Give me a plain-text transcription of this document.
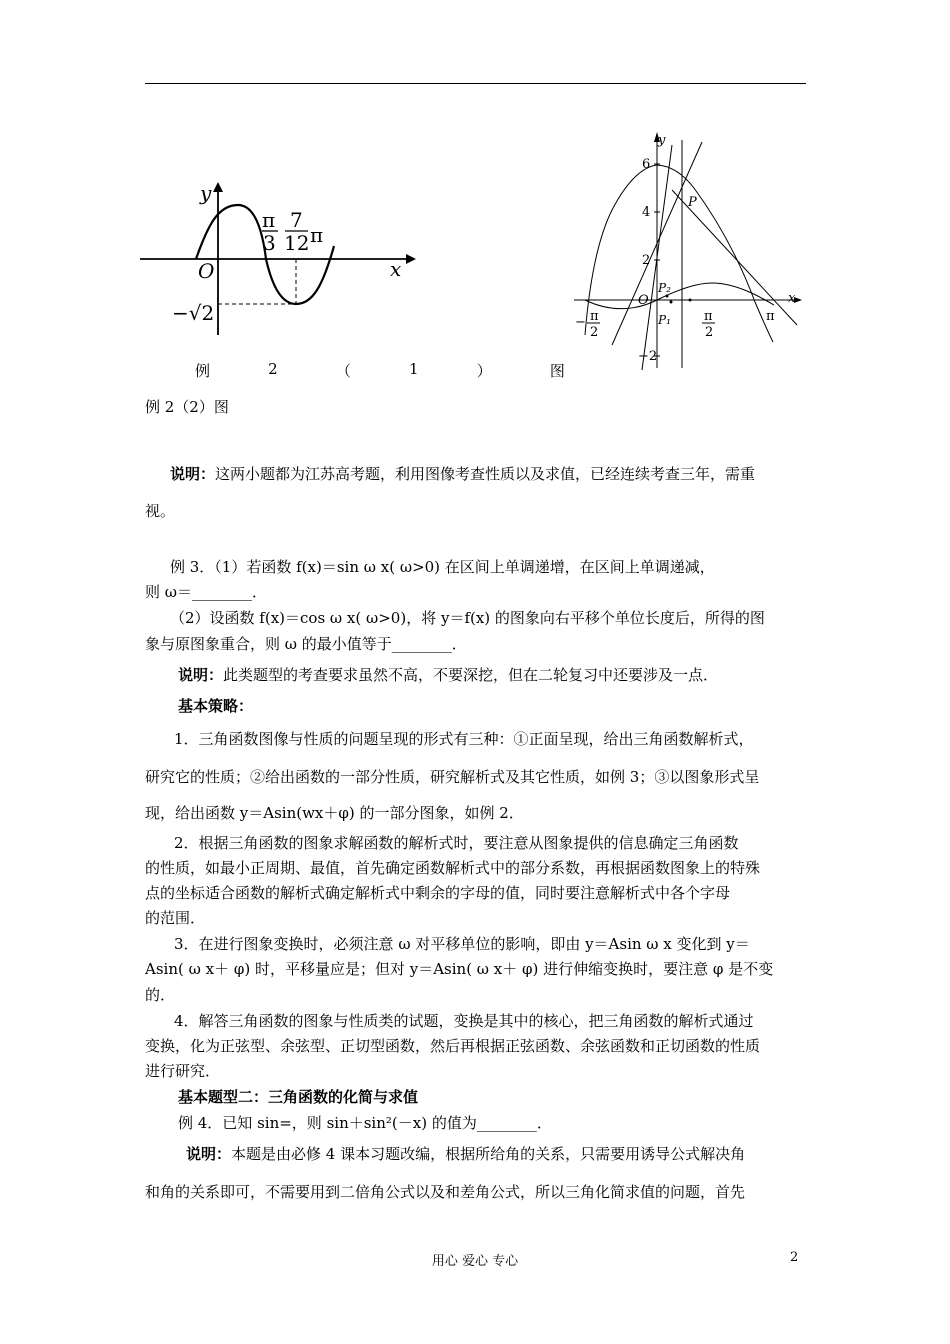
y
x
O
π
3
7
12 π
−√2
y
x
O
6
4
2
−2
P
P₂
P₁
− π
2
π
2
π
例	2	（	1	）	图
例 2（2）图
说明：这两小题都为江苏高考题，利用图像考查性质以及求值，已经连续考查三年，需重
视。
例 3．（1）若函数 f(x)＝sin ω x( ω>0) 在区间上单调递增，在区间上单调递减，
则 ω＝________．
（2）设函数 f(x)＝cos ω x( ω>0)，将 y＝f(x) 的图象向右平移个单位长度后，所得的图
象与原图象重合，则 ω 的最小值等于________．
说明：此类题型的考查要求虽然不高，不要深挖，但在二轮复习中还要涉及一点．
基本策略：
1．三角函数图像与性质的问题呈现的形式有三种：①正面呈现，给出三角函数解析式，
研究它的性质；②给出函数的一部分性质，研究解析式及其它性质，如例 3；③以图象形式呈
现，给出函数 y＝Asin(wx＋φ) 的一部分图象，如例 2．
2．根据三角函数的图象求解函数的解析式时，要注意从图象提供的信息确定三角函数
的性质，如最小正周期、最值，首先确定函数解析式中的部分系数，再根据函数图象上的特殊
点的坐标适合函数的解析式确定解析式中剩余的字母的值，同时要注意解析式中各个字母
的范围．
3．在进行图象变换时，必须注意 ω 对平移单位的影响，即由 y＝Asin ω x 变化到 y＝
Asin( ω x＋ φ) 时，平移量应是；但对 y＝Asin( ω x＋ φ) 进行伸缩变换时，要注意 φ 是不变
的．
4．解答三角函数的图象与性质类的试题，变换是其中的核心，把三角函数的解析式通过
变换，化为正弦型、余弦型、正切型函数，然后再根据正弦函数、余弦函数和正切函数的性质
进行研究．
基本题型二：三角函数的化简与求值
例 4．已知 sin=，则 sin＋sin²(－x) 的值为________．
说明：本题是由必修 4 课本习题改编，根据所给角的关系，只需要用诱导公式解决角
和角的关系即可，不需要用到二倍角公式以及和差角公式，所以三角化简求值的问题，首先
用心 爱心 专心	2
